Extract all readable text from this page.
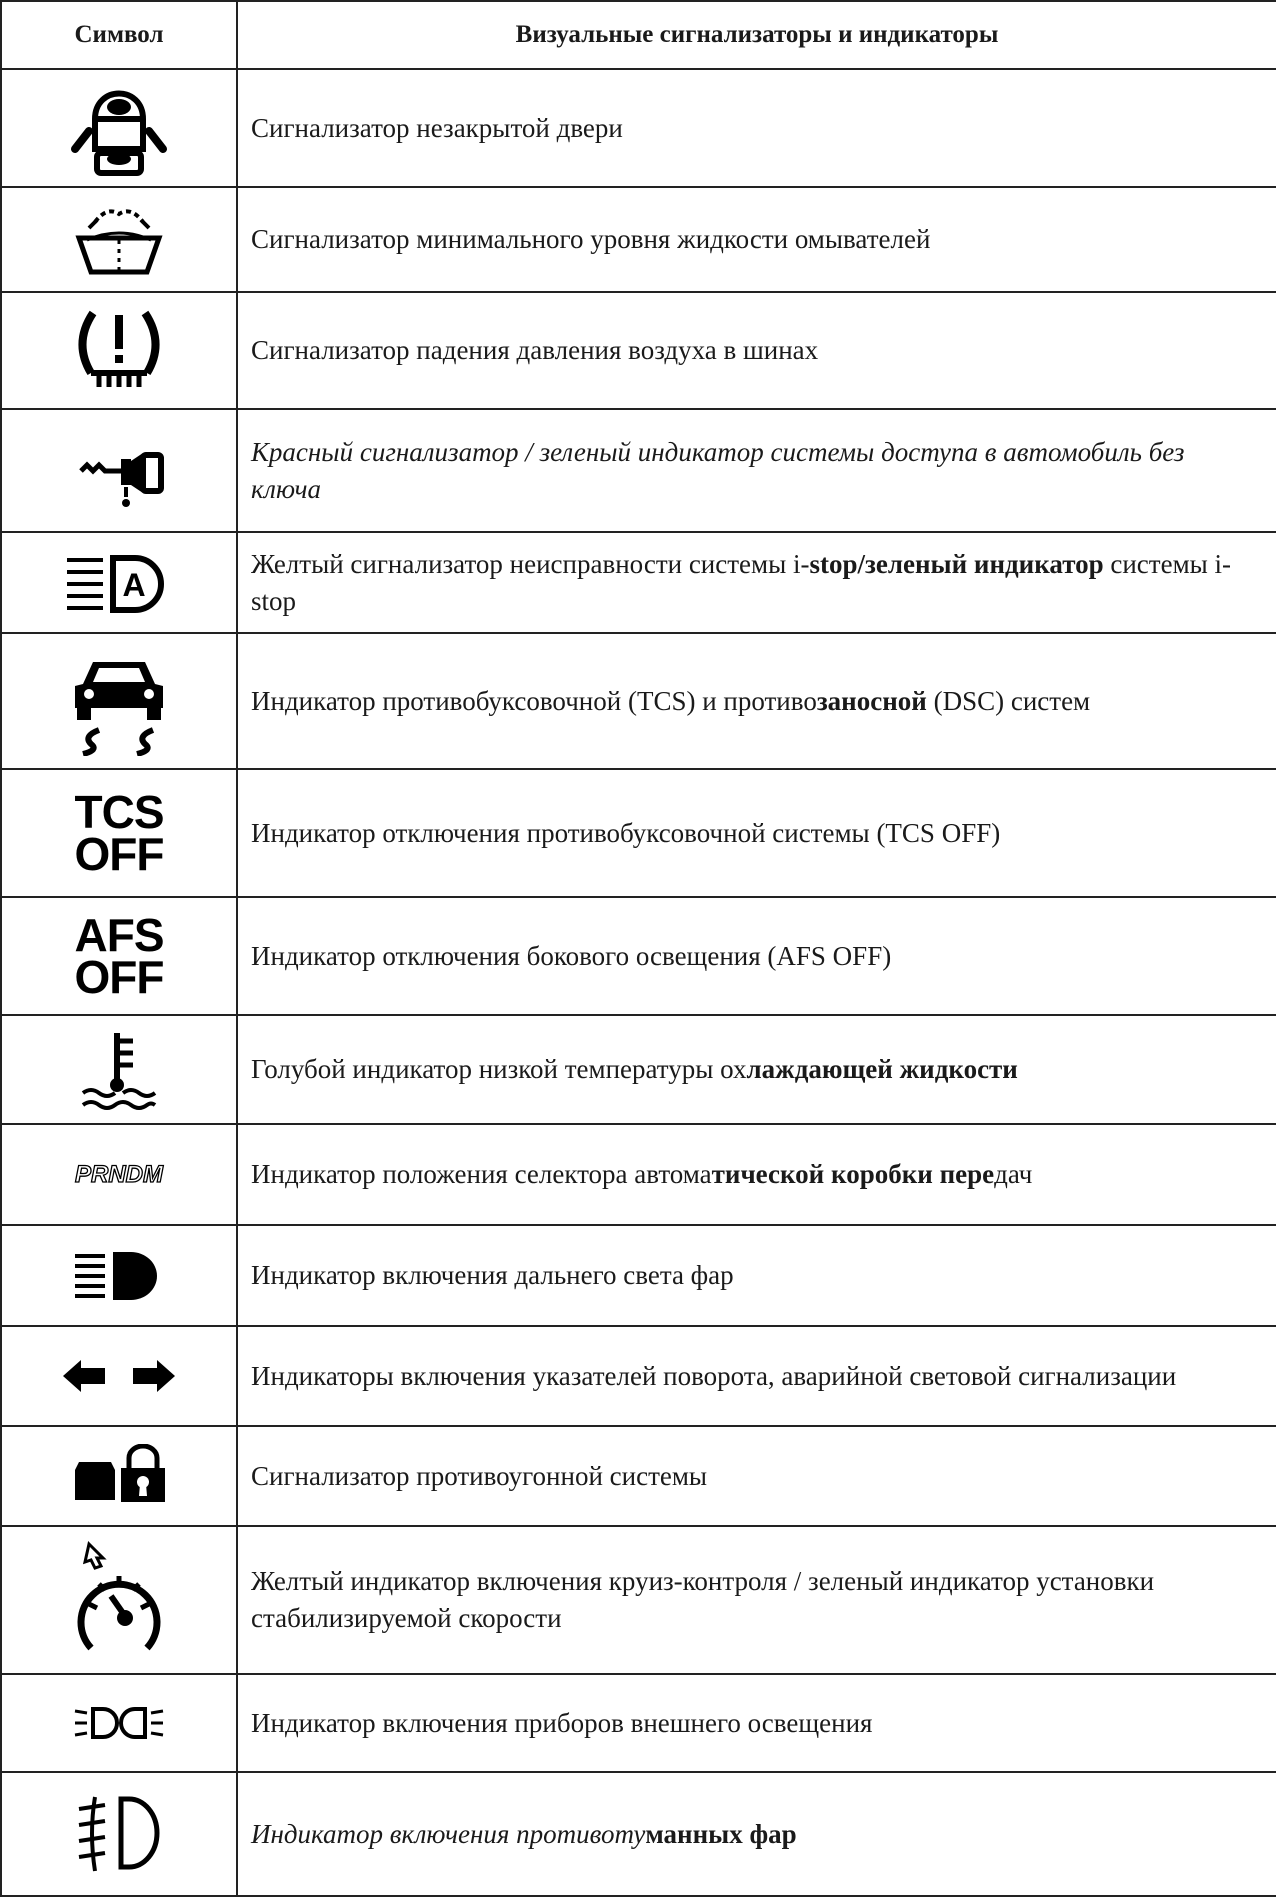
Символ	Визуальные сигнализаторы и индикаторы

	Сигнализатор незакрытой двери

	Сигнализатор минимального уровня жидкости омывателей

	Сигнализатор падения давления воздуха в шинах

	Красный сигнализатор / зеленый индикатор системы доступа в автомобиль без ключа

A	Желтый сигнализатор неисправности системы i-stop/зеленый индикатор системы i-stop

	Индикатор противобуксовочной (TCS) и противозаносной (DSC) систем
TCS
OFF	Индикатор отключения противобуксовочной системы (TCS OFF)
AFS
OFF	Индикатор отключения бокового освещения (AFS OFF)

	Голубой индикатор низкой температуры охлаждающей жидкости
PRNDM	Индикатор положения селектора автоматической коробки передач

	Индикатор включения дальнего света фар

	Индикаторы включения указателей поворота, аварийной световой сигнализации

	Сигнализатор противоугонной системы

	Желтый индикатор включения круиз-контроля / зеленый индикатор установки стабилизируемой скорости

	Индикатор включения приборов внешнего освещения

	Индикатор включения противотуманных фар
